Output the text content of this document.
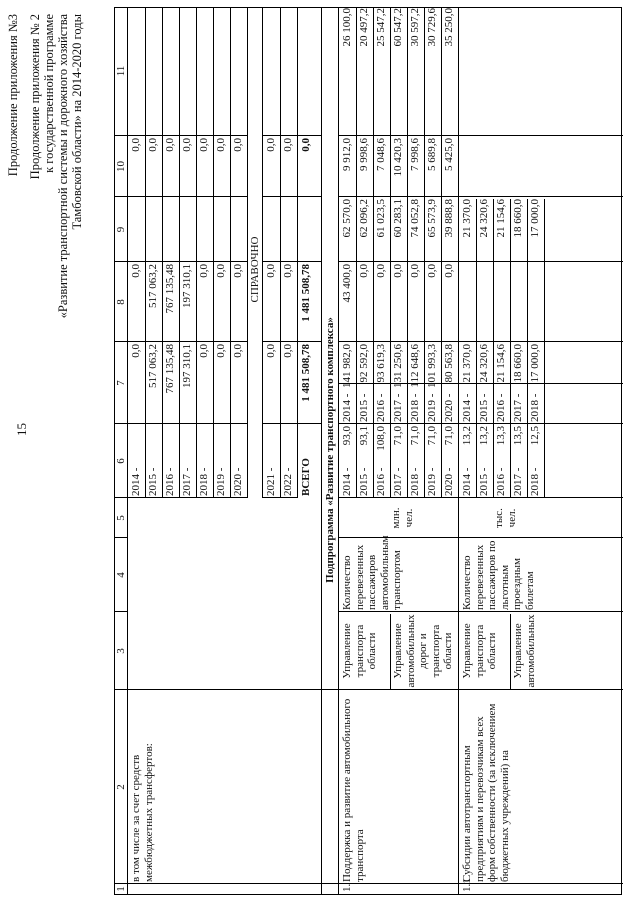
15
Продолжение приложения №3 Продолжение приложения № 2 к государственной программе «Развитие транспортной системы и дорожного хозяйства Тамбовской области» на 2014-2020 годы
1
2
3
4
5
6
7
8
9
10
11
в том числе за счет средств межбюджетных трансфертов:
2014 -
0,0
0,0
0,0
2015 -
517 063,2
517 063,2
0,0
2016 -
767 135,48
767 135,48
0,0
2017 -
197 310,1
197 310,1
0,0
2018 -
0,0
0,0
0,0
2019 -
0,0
0,0
0,0
2020 -
0,0
0,0
0,0
СПРАВОЧНО
2021 -
0,0
0,0
0,0
2022 -
0,0
0,0
0,0
ВСЕГО
1 481 508,78
1 481 508,78
0,0
Подпрограмма «Развитие транспортного комплекса»
1.
Поддержка и развитие автомобильного транспорта
Управление транспорта области Управление автомобильных дорог и транспорта области
Количество перевезенных пассажиров автомобильным транспортом
млн. чел.
2014 -
93,0
2014 -
141 982,0
43 400,0
62 570,0
9 912,0
26 100,0
2015 -
93,1
2015 -
92 592,0
0,0
62 096,2
9 998,6
20 497,2
2016 -
108,0
2016 -
93 619,3
0,0
61 023,5
7 048,6
25 547,2
2017 -
71,0
2017 -
131 250,6
0,0
60 283,1
10 420,3
60 547,2
2018 -
71,0
2018 -
112 648,6
0,0
74 052,8
7 998,6
30 597,2
2019 -
71,0
2019 -
101 993,3
0,0
65 573,9
5 689,8
30 729,6
2020 -
71,0
2020 -
80 563,8
0,0
39 888,8
5 425,0
35 250,0
1.1
Субсидии автотранспортным предприятиям и перевозчикам всех форм собственности (за исключением бюджетных учреждений) на
Управление транспорта области Управление автомобильных
Количество перевезенных пассажиров по льготным проездным билетам
тыс. чел.
2014 -
13,2
2014 -
21 370,0
21 370,0
2015 -
13,2
2015 -
24 320,6
24 320,6
2016 -
13,3
2016 -
21 154,6
21 154,6
2017 -
13,5
2017 -
18 660,0
18 660,0
2018 -
12,5
2018 -
17 000,0
17 000,0
